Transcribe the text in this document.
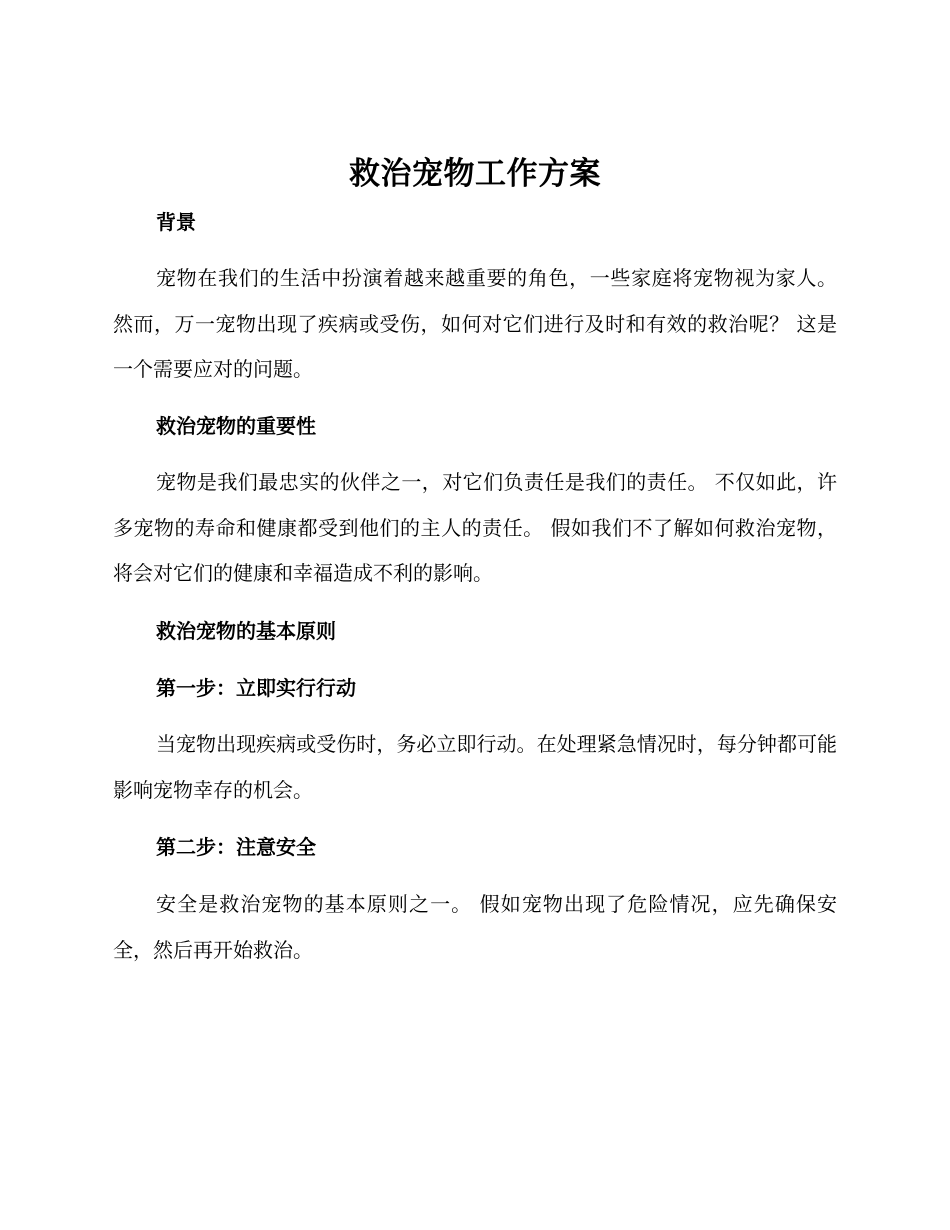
救治宠物工作方案
背景

宠物在我们的生活中扮演着越来越重要的角色，一些家庭将宠物视为家人。 然而，万一宠物出现了疾病或受伤，如何对它们进行及时和有效的救治呢？ 这是一个需要应对的问题。

救治宠物的重要性

宠物是我们最忠实的伙伴之一，对它们负责任是我们的责任。 不仅如此，许多宠物的寿命和健康都受到他们的主人的责任。 假如我们不了解如何救治宠物，将会对它们的健康和幸福造成不利的影响。

救治宠物的基本原则
第一步：立即实行行动

当宠物出现疾病或受伤时，务必立即行动。在处理紧急情况时，每分钟都可能影响宠物幸存的机会。

第二步：注意安全

安全是救治宠物的基本原则之一。 假如宠物出现了危险情况，应先确保安全，然后再开始救治。
